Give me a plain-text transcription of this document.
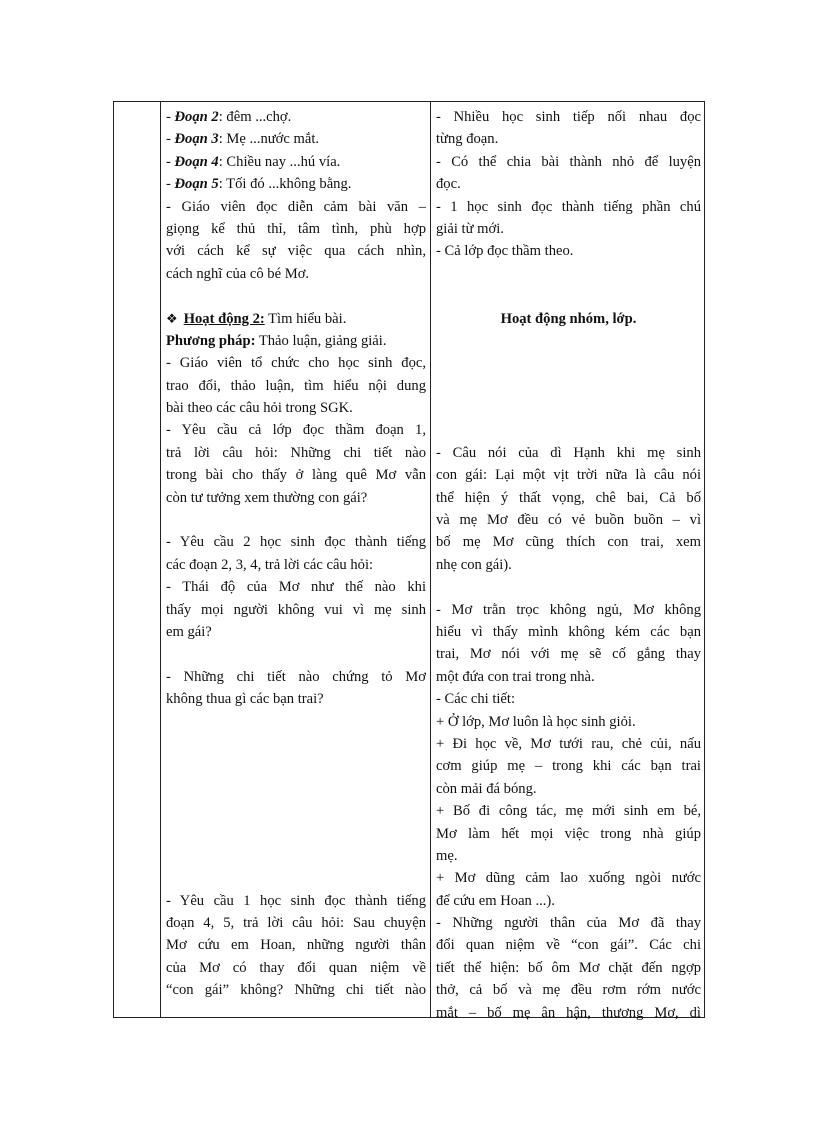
- Đoạn 2: đêm ...chợ.
- Đoạn 3: Mẹ ...nước mắt.
- Đoạn 4: Chiều nay ...hú vía.
- Đoạn 5: Tối đó ...không bằng.
- Giáo viên đọc diễn cảm bài văn –
giọng kể thủ thỉ, tâm tình, phù hợp
với cách kể sự việc qua cách nhìn,
cách nghĩ của cô bé Mơ.
❖ Hoạt động 2: Tìm hiểu bài.
Phương pháp: Thảo luận, giảng giải.
- Giáo viên tổ chức cho học sinh đọc,
trao đổi, thảo luận, tìm hiểu nội dung
bài theo các câu hỏi trong SGK.
- Yêu cầu cả lớp đọc thầm đoạn 1,
trả lời câu hỏi: Những chi tiết nào
trong bài cho thấy ở làng quê Mơ vẫn
còn tư tưởng xem thường con gái?
- Yêu cầu 2 học sinh đọc thành tiếng
các đoạn 2, 3, 4, trả lời các câu hỏi:
- Thái độ của Mơ như thế nào khi
thấy mọi người không vui vì mẹ sinh
em gái?
- Những chi tiết nào chứng tỏ Mơ
không thua gì các bạn trai?
- Yêu cầu 1 học sinh đọc thành tiếng
đoạn 4, 5, trả lời câu hỏi: Sau chuyện
Mơ cứu em Hoan, những người thân
của Mơ có thay đổi quan niệm về
“con gái” không? Những chi tiết nào
- Nhiều học sinh tiếp nối nhau đọc
từng đoạn.
- Có thể chia bài thành nhỏ để luyện
đọc.
- 1 học sinh đọc thành tiếng phần chú
giải từ mới.
- Cả lớp đọc thầm theo.
Hoạt động nhóm, lớp.
- Câu nói của dì Hạnh khi mẹ sinh
con gái: Lại một vịt trời nữa là câu nói
thể hiện ý thất vọng, chê bai, Cả bố
và mẹ Mơ đều có vẻ buồn buồn – vì
bố mẹ Mơ cũng thích con trai, xem
nhẹ con gái).
- Mơ trằn trọc không ngủ, Mơ không
hiểu vì thấy mình không kém các bạn
trai, Mơ nói với mẹ sẽ cố gắng thay
một đứa con trai trong nhà.
- Các chi tiết:
+ Ở lớp, Mơ luôn là học sinh giỏi.
+ Đi học về, Mơ tưới rau, chẻ củi, nấu
cơm giúp mẹ – trong khi các bạn trai
còn mải đá bóng.
+ Bố đi công tác, mẹ mới sinh em bé,
Mơ làm hết mọi việc trong nhà giúp
mẹ.
+ Mơ dũng cảm lao xuống ngòi nước
để cứu em Hoan ...).
- Những người thân của Mơ đã thay
đổi quan niệm về “con gái”. Các chi
tiết thể hiện: bố ôm Mơ chặt đến ngợp
thở, cả bố và mẹ đều rơm rớm nước
mắt – bố mẹ ân hận, thương Mơ, dì
